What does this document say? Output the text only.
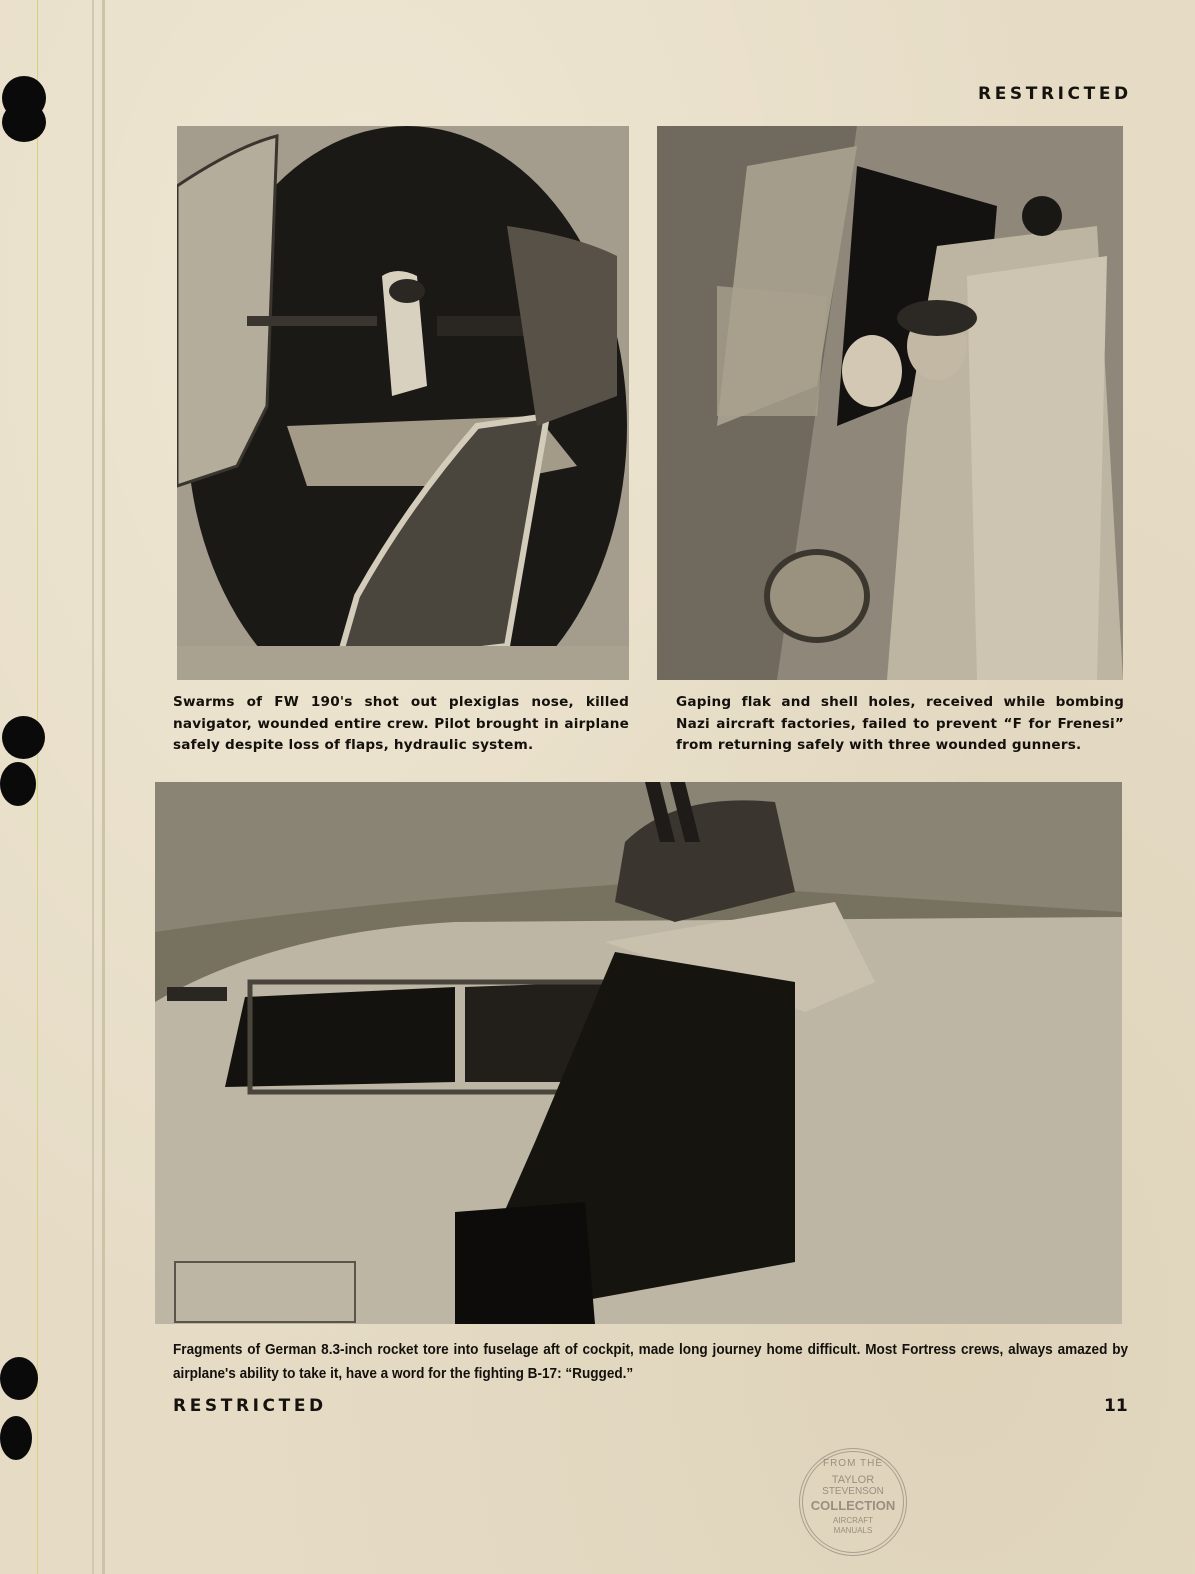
RESTRICTED
Swarms of FW 190's shot out plexiglas nose, killed navigator, wounded entire crew. Pilot brought in airplane safely despite loss of flaps, hydraulic system.
Gaping flak and shell holes, received while bombing Nazi aircraft factories, failed to prevent “F for Frenesi” from returning safely with three wounded gunners.
Fragments of German 8.3-inch rocket tore into fuselage aft of cockpit, made long journey home difficult. Most Fortress crews, always amazed by airplane's ability to take it, have a word for the fighting B-17: “Rugged.”
RESTRICTED	11
FROM THE
TAYLOR
STEVENSON
COLLECTION
AIRCRAFT
MANUALS
